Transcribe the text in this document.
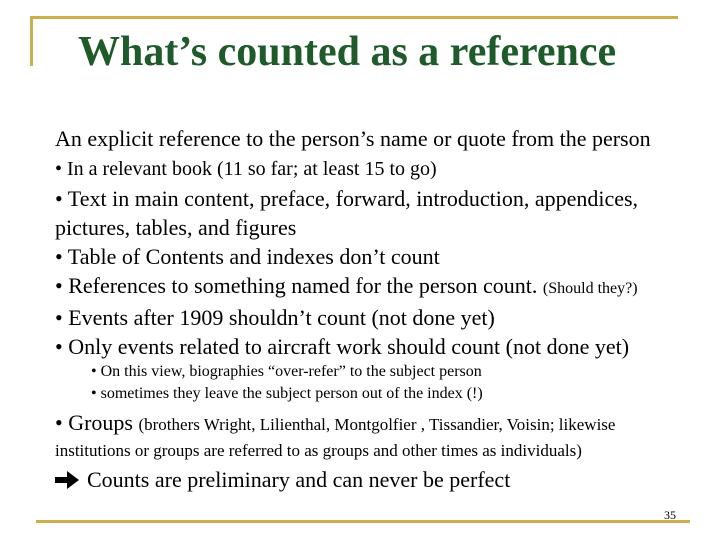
What’s counted as a reference
An explicit reference to the person’s name or quote from the person
• In a relevant book (11 so far; at least 15 to go)
• Text in main content, preface, forward, introduction, appendices,
pictures, tables, and figures
• Table of Contents and indexes don’t count
• References to something named for the person count. (Should they?)
• Events after 1909 shouldn’t count (not done yet)
• Only events related to aircraft work should count (not done yet)
• On this view, biographies “over-refer” to the subject person
• sometimes they leave the subject person out of the index (!)
• Groups (brothers Wright, Lilienthal, Montgolfier , Tissandier, Voisin; likewise
institutions or groups are referred to as groups and other times as individuals)
Counts are preliminary and can never be perfect
35
